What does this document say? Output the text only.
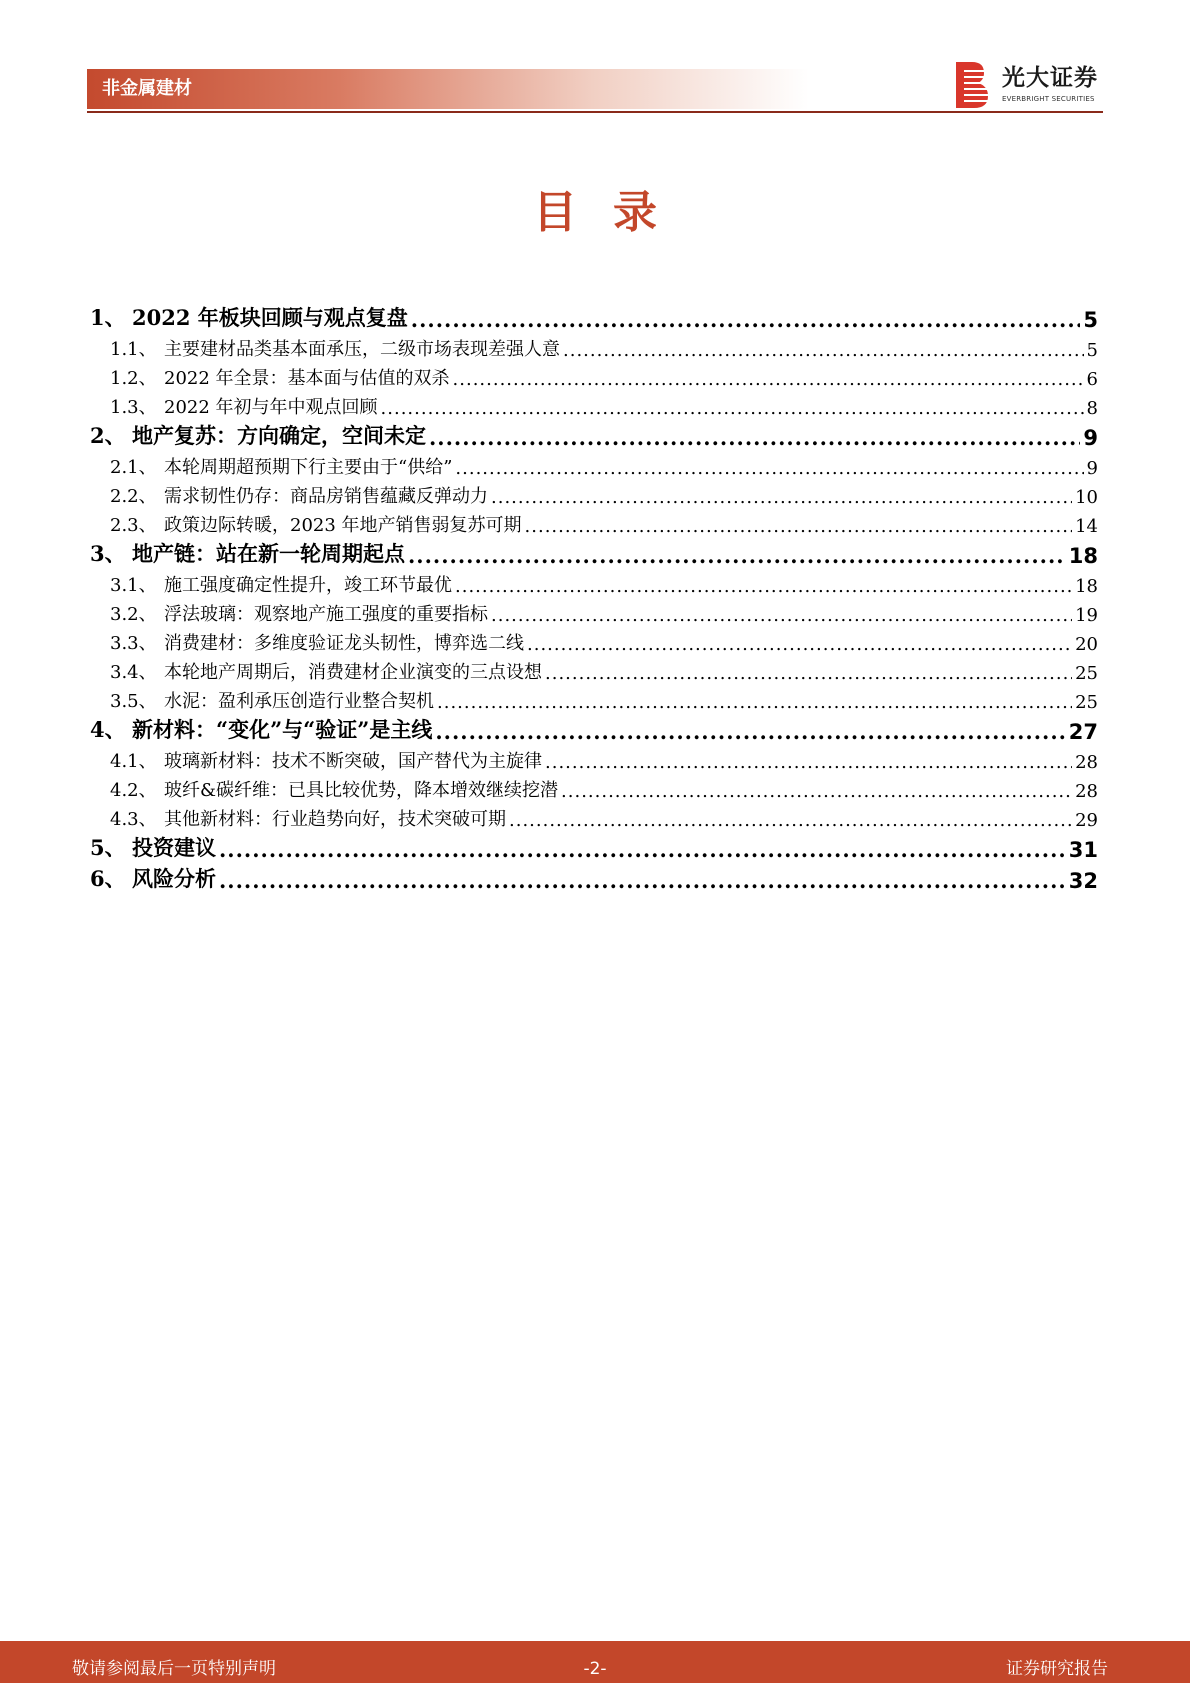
非金属建材	光大证券
EVERBRIGHT SECURITIES
目录
1、 2022 年板块回顾与观点复盘 .....	5
1.1、 主要建材品类基本面承压，二级市场表现差强人意 .....	5
1.2、 2022 年全景：基本面与估值的双杀 .....	6
1.3、 2022 年初与年中观点回顾 .....	8
2、 地产复苏：方向确定，空间未定 .....	9
2.1、 本轮周期超预期下行主要由于“供给” .....	9
2.2、 需求韧性仍存：商品房销售蕴藏反弹动力 .....	10
2.3、 政策边际转暖，2023 年地产销售弱复苏可期 .....	14
3、 地产链：站在新一轮周期起点 .....	18
3.1、 施工强度确定性提升，竣工环节最优 .....	18
3.2、 浮法玻璃：观察地产施工强度的重要指标 .....	19
3.3、 消费建材：多维度验证龙头韧性，博弈选二线 .....	20
3.4、 本轮地产周期后，消费建材企业演变的三点设想 .....	25
3.5、 水泥：盈利承压创造行业整合契机 .....	25
4、 新材料：“变化”与“验证”是主线 .....	27
4.1、 玻璃新材料：技术不断突破，国产替代为主旋律 .....	28
4.2、 玻纤&碳纤维：已具比较优势，降本增效继续挖潜 .....	28
4.3、 其他新材料：行业趋势向好，技术突破可期 .....	29
5、 投资建议 .....	31
6、 风险分析 .....	32
敬请参阅最后一页特别声明	-2-	证券研究报告
